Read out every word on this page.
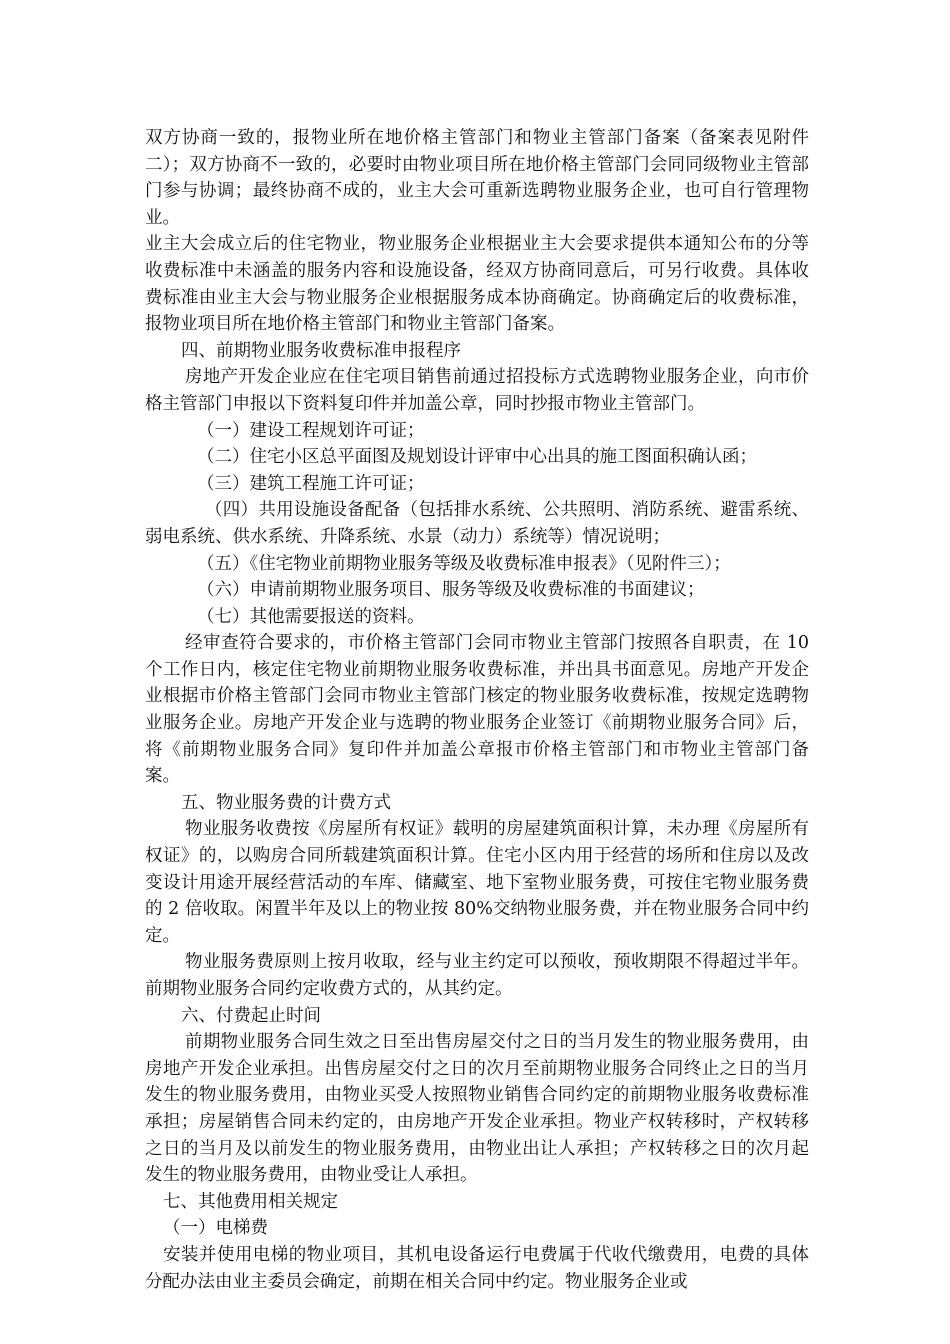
双方协商一致的，报物业所在地价格主管部门和物业主管部门备案（备案表见附件二）；双方协商不一致的，必要时由物业项目所在地价格主管部门会同同级物业主管部门参与协调；最终协商不成的，业主大会可重新选聘物业服务企业，也可自行管理物业。

业主大会成立后的住宅物业，物业服务企业根据业主大会要求提供本通知公布的分等收费标准中未涵盖的服务内容和设施设备，经双方协商同意后，可另行收费。具体收费标准由业主大会与物业服务企业根据服务成本协商确定。协商确定后的收费标准，报物业项目所在地价格主管部门和物业主管部门备案。

四、前期物业服务收费标准申报程序

房地产开发企业应在住宅项目销售前通过招投标方式选聘物业服务企业，向市价格主管部门申报以下资料复印件并加盖公章，同时抄报市物业主管部门。

（一）建设工程规划许可证；

（二）住宅小区总平面图及规划设计评审中心出具的施工图面积确认函；

（三）建筑工程施工许可证；

（四）共用设施设备配备（包括排水系统、公共照明、消防系统、避雷系统、弱电系统、供水系统、升降系统、水景（动力）系统等）情况说明；

（五）《住宅物业前期物业服务等级及收费标准申报表》（见附件三）；

（六）申请前期物业服务项目、服务等级及收费标准的书面建议；

（七）其他需要报送的资料。

经审查符合要求的，市价格主管部门会同市物业主管部门按照各自职责，在 10 个工作日内，核定住宅物业前期物业服务收费标准，并出具书面意见。房地产开发企业根据市价格主管部门会同市物业主管部门核定的物业服务收费标准，按规定选聘物业服务企业。房地产开发企业与选聘的物业服务企业签订《前期物业服务合同》后，将《前期物业服务合同》复印件并加盖公章报市价格主管部门和市物业主管部门备案。

五、物业服务费的计费方式

物业服务收费按《房屋所有权证》载明的房屋建筑面积计算，未办理《房屋所有权证》的，以购房合同所载建筑面积计算。住宅小区内用于经营的场所和住房以及改变设计用途开展经营活动的车库、储藏室、地下室物业服务费，可按住宅物业服务费的 2 倍收取。闲置半年及以上的物业按 80%交纳物业服务费，并在物业服务合同中约定。

物业服务费原则上按月收取，经与业主约定可以预收，预收期限不得超过半年。前期物业服务合同约定收费方式的，从其约定。

六、付费起止时间

前期物业服务合同生效之日至出售房屋交付之日的当月发生的物业服务费用，由房地产开发企业承担。出售房屋交付之日的次月至前期物业服务合同终止之日的当月发生的物业服务费用，由物业买受人按照物业销售合同约定的前期物业服务收费标准承担；房屋销售合同未约定的，由房地产开发企业承担。物业产权转移时，产权转移之日的当月及以前发生的物业服务费用，由物业出让人承担；产权转移之日的次月起发生的物业服务费用，由物业受让人承担。

七、其他费用相关规定

（一）电梯费

安装并使用电梯的物业项目，其机电设备运行电费属于代收代缴费用，电费的具体分配办法由业主委员会确定，前期在相关合同中约定。物业服务企业或
